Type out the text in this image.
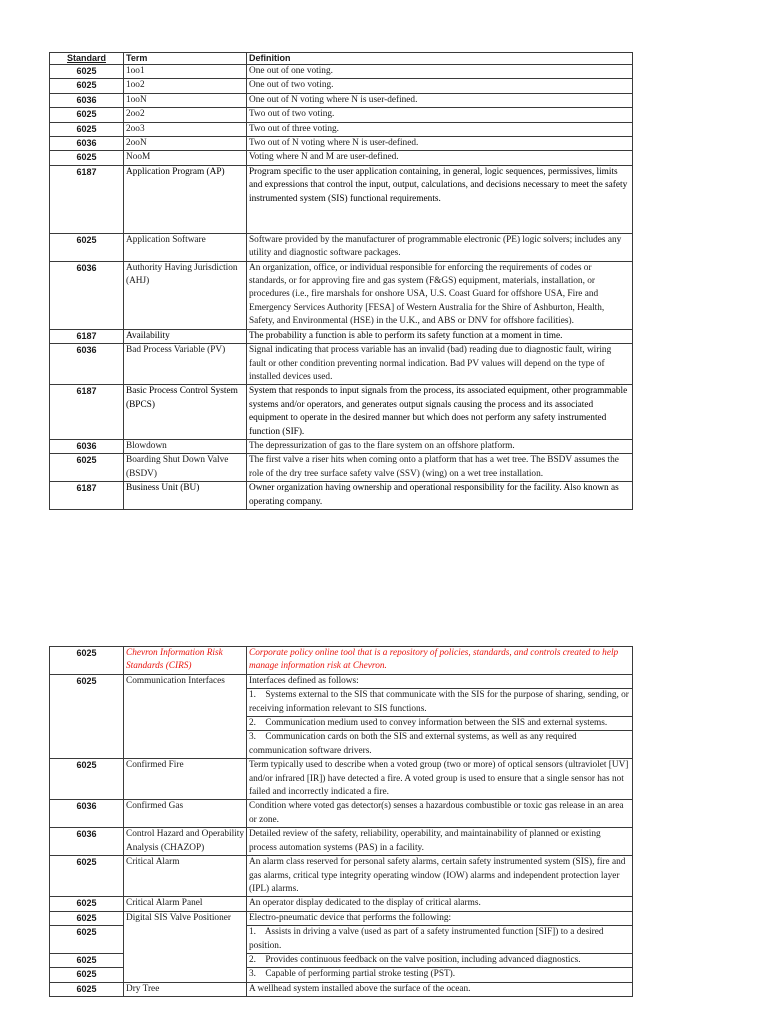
Standard	Term	Definition
6025	1oo1	One out of one voting.
6025	1oo2	One out of two voting.
6036	1ooN	One out of N voting where N is user-defined.
6025	2oo2	Two out of two voting.
6025	2oo3	Two out of three voting.
6036	2ooN	Two out of N voting where N is user-defined.
6025	NooM	Voting where N and M are user-defined.
6187	Application Program (AP)	Program specific to the user application containing, in general, logic sequences, permissives, limits and expressions that control the input, output, calculations, and decisions necessary to meet the safety instrumented system (SIS) functional requirements.
6025	Application Software	Software provided by the manufacturer of programmable electronic (PE) logic solvers; includes any utility and diagnostic software packages.
6036	Authority Having Jurisdiction (AHJ)	An organization, office, or individual responsible for enforcing the requirements of codes or standards, or for approving fire and gas system (F&GS) equipment, materials, installation, or procedures (i.e., fire marshals for onshore USA, U.S. Coast Guard for offshore USA, Fire and Emergency Services Authority [FESA] of Western Australia for the Shire of Ashburton, Health, Safety, and Environmental (HSE) in the U.K., and ABS or DNV for offshore facilities).
6187	Availability	The probability a function is able to perform its safety function at a moment in time.
6036	Bad Process Variable (PV)	Signal indicating that process variable has an invalid (bad) reading due to diagnostic fault, wiring fault or other condition preventing normal indication. Bad PV values will depend on the type of installed devices used.
6187	Basic Process Control System (BPCS)	System that responds to input signals from the process, its associated equipment, other programmable systems and/or operators, and generates output signals causing the process and its associated equipment to operate in the desired manner but which does not perform any safety instrumented function (SIF).
6036	Blowdown	The depressurization of gas to the flare system on an offshore platform.
6025	Boarding Shut Down Valve (BSDV)	The first valve a riser hits when coming onto a platform that has a wet tree. The BSDV assumes the role of the dry tree surface safety valve (SSV) (wing) on a wet tree installation.
6187	Business Unit (BU)	Owner organization having ownership and operational responsibility for the facility. Also known as operating company.
6025	Chevron Information Risk Standards (CIRS)	Corporate policy online tool that is a repository of policies, standards, and controls created to help manage information risk at Chevron.
6025	Communication Interfaces	Interfaces defined as follows:
1. Systems external to the SIS that communicate with the SIS for the purpose of sharing, sending, or receiving information relevant to SIS functions.
2. Communication medium used to convey information between the SIS and external systems.
3. Communication cards on both the SIS and external systems, as well as any required communication software drivers.

6025	Confirmed Fire	Term typically used to describe when a voted group (two or more) of optical sensors (ultraviolet [UV] and/or infrared [IR]) have detected a fire. A voted group is used to ensure that a single sensor has not failed and incorrectly indicated a fire.
6036	Confirmed Gas	Condition where voted gas detector(s) senses a hazardous combustible or toxic gas release in an area or zone.
6036	Control Hazard and Operability Analysis (CHAZOP)	Detailed review of the safety, reliability, operability, and maintainability of planned or existing process automation systems (PAS) in a facility.
6025	Critical Alarm	An alarm class reserved for personal safety alarms, certain safety instrumented system (SIS), fire and gas alarms, critical type integrity operating window (IOW) alarms and independent protection layer (IPL) alarms.
6025	Critical Alarm Panel	An operator display dedicated to the display of critical alarms.
6025	Digital SIS Valve Positioner	Electro-pneumatic device that performs the following:
6025		1. Assists in driving a valve (used as part of a safety instrumented function [SIF]) to a desired position.
6025		2. Provides continuous feedback on the valve position, including advanced diagnostics.
6025		3. Capable of performing partial stroke testing (PST).
6025	Dry Tree	A wellhead system installed above the surface of the ocean.
